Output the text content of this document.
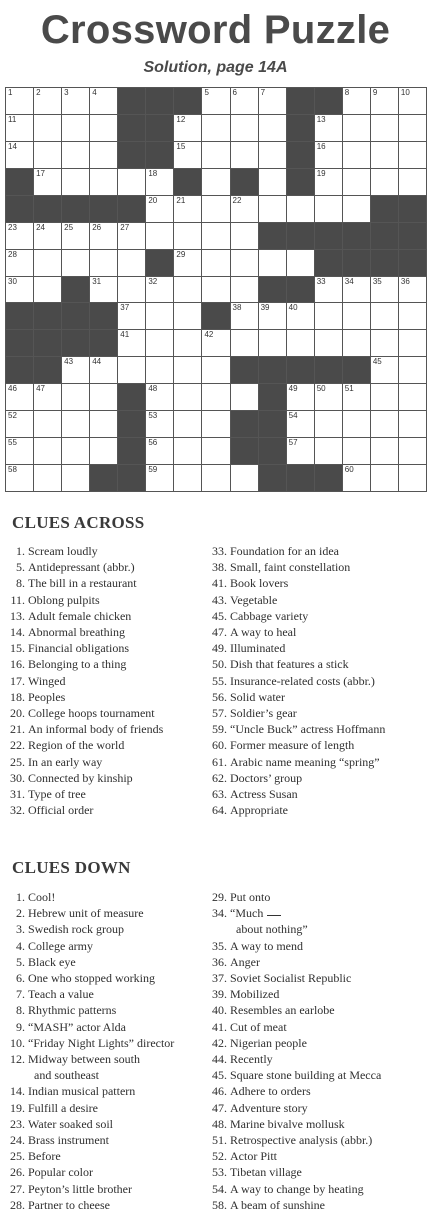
Crossword Puzzle
Solution, page 14A
1	2	3	4	5	6	7	8	9	10
11	12	13
14	15	16
17	18	19
20 21	22
23 24 25 26 27
28	29
30	31	32	33 34 35 36
37	38 39 40
41	42
43 44	45
46 47	48	49 50 51
52	53	54
55	56	57
58	59	60
CLUES ACROSS
1. Scream loudly
5. Antidepressant (abbr.)
8. The bill in a restaurant
11. Oblong pulpits
13. Adult female chicken
14. Abnormal breathing
15. Financial obligations
16. Belonging to a thing
17. Winged
18. Peoples
20. College hoops tournament
21. An informal body of friends
22. Region of the world
25. In an early way
30. Connected by kinship
31. Type of tree
32. Official order
33. Foundation for an idea
38. Small, faint constellation
41. Book lovers
43. Vegetable
45. Cabbage variety
47. A way to heal
49. Illuminated
50. Dish that features a stick
55. Insurance-related costs (abbr.)
56. Solid water
57. Soldier’s gear
59. “Uncle Buck” actress Hoffmann
60. Former measure of length
61. Arabic name meaning “spring”
62. Doctors’ group
63. Actress Susan
64. Appropriate
CLUES DOWN
1. Cool!
2. Hebrew unit of measure
3. Swedish rock group
4. College army
5. Black eye
6. One who stopped working
7. Teach a value
8. Rhythmic patterns
9. “MASH” actor Alda
10. “Friday Night Lights” director
12. Midway between south
and southeast
14. Indian musical pattern
19. Fulfill a desire
23. Water soaked soil
24. Brass instrument
25. Before
26. Popular color
27. Peyton’s little brother
28. Partner to cheese
29. Put onto
34. “Much
about nothing”
35. A way to mend
36. Anger
37. Soviet Socialist Republic
39. Mobilized
40. Resembles an earlobe
41. Cut of meat
42. Nigerian people
44. Recently
45. Square stone building at Mecca
46. Adhere to orders
47. Adventure story
48. Marine bivalve mollusk
51. Retrospective analysis (abbr.)
52. Actor Pitt
53. Tibetan village
54. A way to change by heating
58. A beam of sunshine
